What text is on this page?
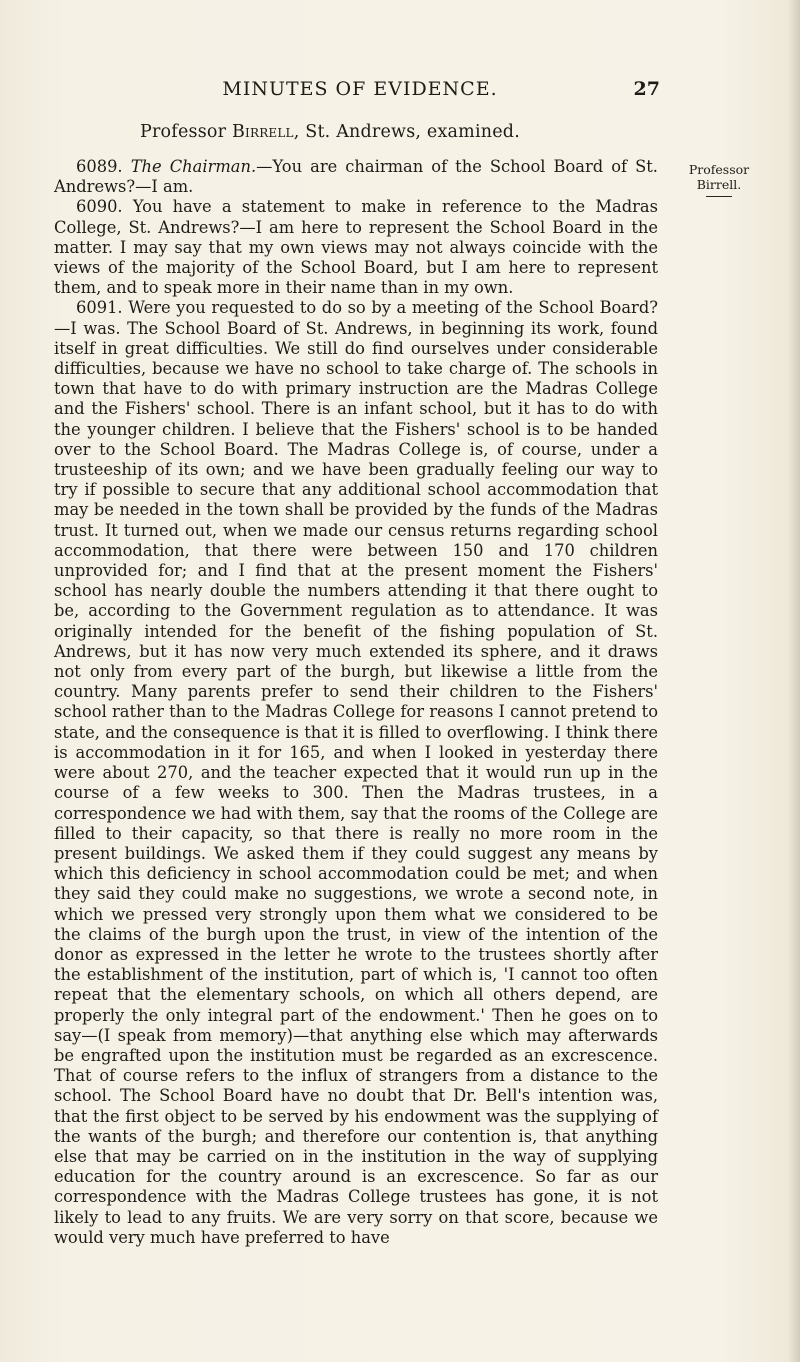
MINUTES OF EVIDENCE.	27
Professor Birrell, St. Andrews, examined.
Professor
Birrell.

6089. The Chairman.—You are chairman of the School Board of St. Andrews?—I am.

6090. You have a statement to make in reference to the Madras College, St. Andrews?—I am here to represent the School Board in the matter. I may say that my own views may not always coincide with the views of the majority of the School Board, but I am here to represent them, and to speak more in their name than in my own.

6091. Were you requested to do so by a meeting of the School Board?—I was. The School Board of St. Andrews, in beginning its work, found itself in great difficulties. We still do find ourselves under considerable difficulties, because we have no school to take charge of. The schools in town that have to do with primary instruction are the Madras College and the Fishers' school. There is an infant school, but it has to do with the younger children. I believe that the Fishers' school is to be handed over to the School Board. The Madras College is, of course, under a trusteeship of its own; and we have been gradually feeling our way to try if possible to secure that any additional school accommodation that may be needed in the town shall be provided by the funds of the Madras trust. It turned out, when we made our census returns regarding school accommodation, that there were between 150 and 170 children unprovided for; and I find that at the present moment the Fishers' school has nearly double the numbers attending it that there ought to be, according to the Government regulation as to attendance. It was originally intended for the benefit of the fishing population of St. Andrews, but it has now very much extended its sphere, and it draws not only from every part of the burgh, but likewise a little from the country. Many parents prefer to send their children to the Fishers' school rather than to the Madras College for reasons I cannot pretend to state, and the consequence is that it is filled to overflowing. I think there is accommodation in it for 165, and when I looked in yesterday there were about 270, and the teacher expected that it would run up in the course of a few weeks to 300. Then the Madras trustees, in a correspondence we had with them, say that the rooms of the College are filled to their capacity, so that there is really no more room in the present buildings. We asked them if they could suggest any means by which this deficiency in school accommodation could be met; and when they said they could make no suggestions, we wrote a second note, in which we pressed very strongly upon them what we considered to be the claims of the burgh upon the trust, in view of the intention of the donor as expressed in the letter he wrote to the trustees shortly after the establishment of the institution, part of which is, 'I cannot too often repeat that the elementary schools, on which all others depend, are properly the only integral part of the endowment.' Then he goes on to say—(I speak from memory)—that anything else which may afterwards be engrafted upon the institution must be regarded as an excrescence. That of course refers to the influx of strangers from a distance to the school. The School Board have no doubt that Dr. Bell's intention was, that the first object to be served by his endowment was the supplying of the wants of the burgh; and therefore our contention is, that anything else that may be carried on in the institution in the way of supplying education for the country around is an excrescence. So far as our correspondence with the Madras College trustees has gone, it is not likely to lead to any fruits. We are very sorry on that score, because we would very much have preferred to have
